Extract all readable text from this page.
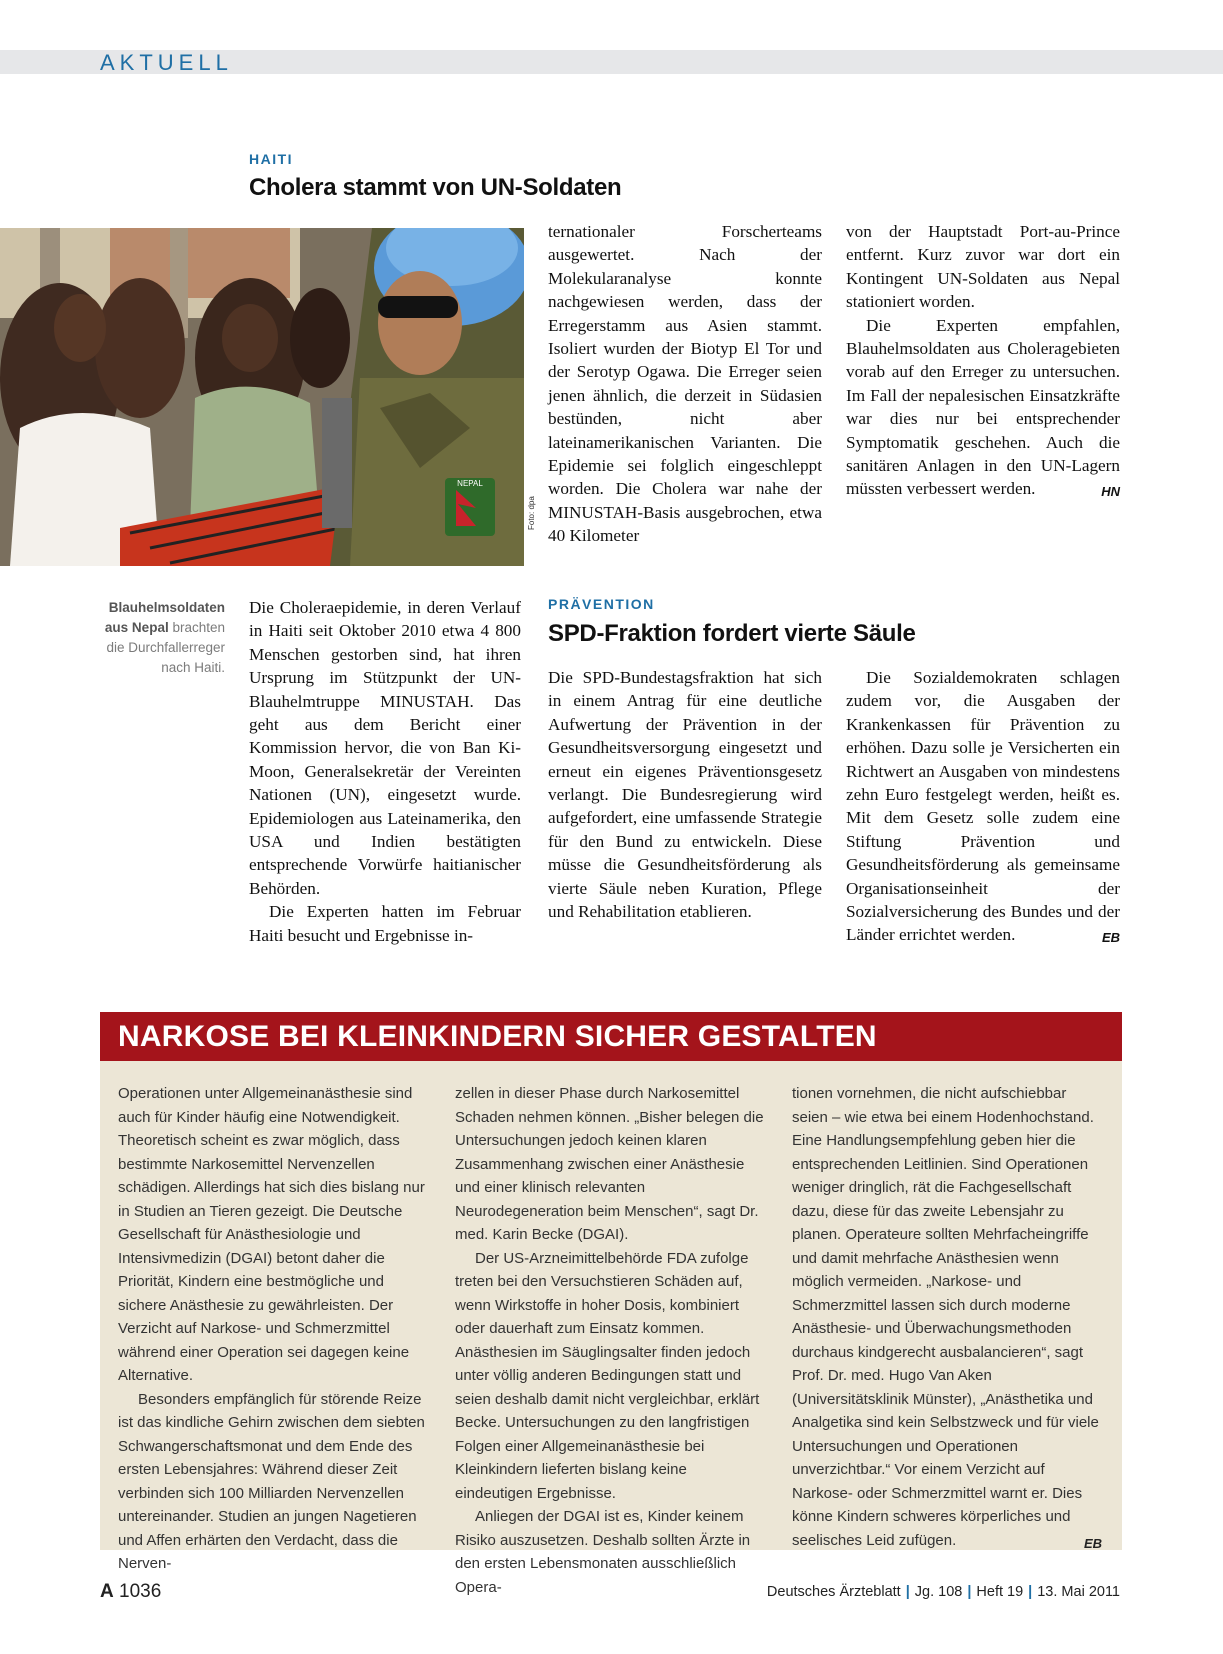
AKTUELL
HAITI
Cholera stammt von UN-Soldaten
NEPAL
Foto: dpa
Blauhelmsoldaten aus Nepal brachten die Durchfallerreger nach Haiti.

Die Choleraepidemie, in deren Verlauf in Haiti seit Oktober 2010 etwa 4 800 Menschen gestorben sind, hat ihren Ursprung im Stützpunkt der UN-Blauhelmtruppe MINUSTAH. Das geht aus dem Bericht einer Kommission hervor, die von Ban Ki-Moon, Generalsekretär der Vereinten Nationen (UN), eingesetzt wurde. Epidemiologen aus Lateinamerika, den USA und Indien bestätigten entsprechende Vorwürfe haitianischer Behörden.

Die Experten hatten im Februar Haiti besucht und Ergebnisse in-

ternationaler Forscherteams ausgewertet. Nach der Molekularanalyse konnte nachgewiesen werden, dass der Erregerstamm aus Asien stammt. Isoliert wurden der Biotyp El Tor und der Serotyp Ogawa. Die Erreger seien jenen ähnlich, die derzeit in Südasien bestünden, nicht aber lateinamerikanischen Varianten. Die Epidemie sei folglich eingeschleppt worden. Die Cholera war nahe der MINUSTAH-Basis ausgebrochen, etwa 40 Kilometer

von der Hauptstadt Port-au-Prince entfernt. Kurz zuvor war dort ein Kontingent UN-Soldaten aus Nepal stationiert worden.

Die Experten empfahlen, Blauhelmsoldaten aus Choleragebieten vorab auf den Erreger zu untersuchen. Im Fall der nepalesischen Einsatzkräfte war dies nur bei entsprechender Symptomatik geschehen. Auch die sanitären Anlagen in den UN-Lagern müssten verbessert werden.	HN

PRÄVENTION
SPD-Fraktion fordert vierte Säule

Die SPD-Bundestagsfraktion hat sich in einem Antrag für eine deutliche Aufwertung der Prävention in der Gesundheitsversorgung eingesetzt und erneut ein eigenes Präventionsgesetz verlangt. Die Bundesregierung wird aufgefordert, eine umfassende Strategie für den Bund zu entwickeln. Diese müsse die Gesundheitsförderung als vierte Säule neben Kuration, Pflege und Rehabilitation etablieren.

Die Sozialdemokraten schlagen zudem vor, die Ausgaben der Krankenkassen für Prävention zu erhöhen. Dazu solle je Versicherten ein Richtwert an Ausgaben von mindestens zehn Euro festgelegt werden, heißt es. Mit dem Gesetz solle zudem eine Stiftung Prävention und Gesundheitsförderung als gemeinsame Organisationseinheit der Sozialversicherung des Bundes und der Länder errichtet werden.	EB

NARKOSE BEI KLEINKINDERN SICHER GESTALTEN

Operationen unter Allgemeinanästhesie sind auch für Kinder häufig eine Notwendigkeit. Theoretisch scheint es zwar möglich, dass bestimmte Narkosemittel Nervenzellen schädigen. Allerdings hat sich dies bislang nur in Studien an Tieren gezeigt. Die Deutsche Gesellschaft für Anästhesiologie und Intensivmedizin (DGAI) betont daher die Priorität, Kindern eine bestmögliche und sichere Anästhesie zu gewährleisten. Der Verzicht auf Narkose- und Schmerzmittel während einer Operation sei dagegen keine Alternative.

Besonders empfänglich für störende Reize ist das kindliche Gehirn zwischen dem siebten Schwangerschaftsmonat und dem Ende des ersten Lebensjahres: Während dieser Zeit verbinden sich 100 Milliarden Nervenzellen untereinander. Studien an jungen Nagetieren und Affen erhärten den Verdacht, dass die Nerven-

zellen in dieser Phase durch Narkosemittel Schaden nehmen können. „Bisher belegen die Untersuchungen jedoch keinen klaren Zusammenhang zwischen einer Anästhesie und einer klinisch relevanten Neurodegeneration beim Menschen“, sagt Dr. med. Karin Becke (DGAI).

Der US-Arzneimittelbehörde FDA zufolge treten bei den Versuchstieren Schäden auf, wenn Wirkstoffe in hoher Dosis, kombiniert oder dauerhaft zum Einsatz kommen. Anästhesien im Säuglingsalter finden jedoch unter völlig anderen Bedingungen statt und seien deshalb damit nicht vergleichbar, erklärt Becke. Untersuchungen zu den langfristigen Folgen einer Allgemeinanästhesie bei Kleinkindern lieferten bislang keine eindeutigen Ergebnisse.

Anliegen der DGAI ist es, Kinder keinem Risiko auszusetzen. Deshalb sollten Ärzte in den ersten Lebensmonaten ausschließlich Opera-

tionen vornehmen, die nicht aufschiebbar seien – wie etwa bei einem Hodenhochstand. Eine Handlungsempfehlung geben hier die entsprechenden Leitlinien. Sind Operationen weniger dringlich, rät die Fachgesellschaft dazu, diese für das zweite Lebensjahr zu planen. Operateure sollten Mehrfacheingriffe und damit mehrfache Anästhesien wenn möglich vermeiden. „Narkose- und Schmerzmittel lassen sich durch moderne Anästhesie- und Überwachungsmethoden durchaus kindgerecht ausbalancieren“, sagt Prof. Dr. med. Hugo Van Aken (Universitätsklinik Münster), „Anästhetika und Analgetika sind kein Selbstzweck und für viele Untersuchungen und Operationen unverzichtbar.“ Vor einem Verzicht auf Narkose- oder Schmerzmittel warnt er. Dies könne Kindern schweres körperliches und seelisches Leid zufügen.	EB

A 1036	Deutsches Ärzteblatt | Jg. 108 | Heft 19 | 13. Mai 2011
